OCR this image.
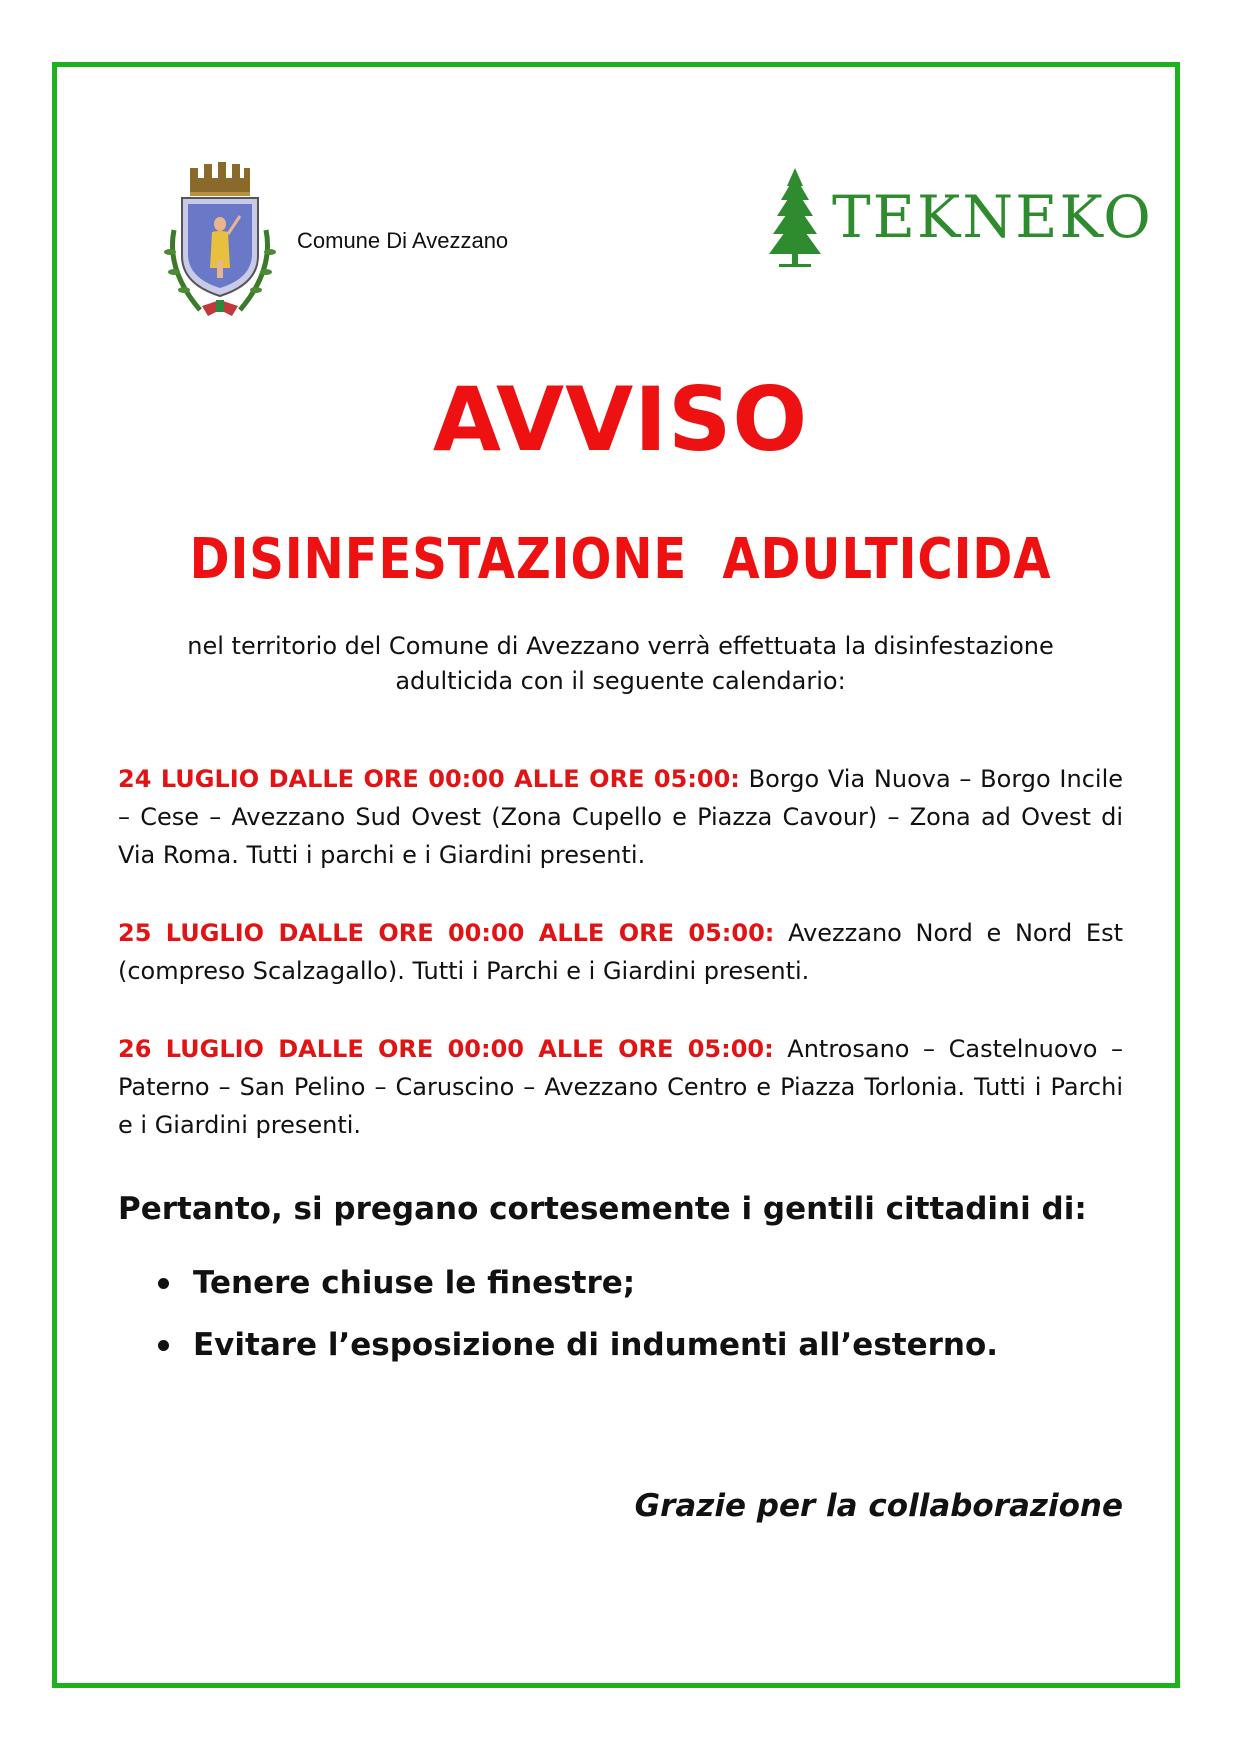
Comune Di Avezzano	TEKNEKO
AVVISO
DISINFESTAZIONE  ADULTICIDA
nel territorio del Comune di Avezzano verrà effettuata la disinfestazione
adulticida con il seguente calendario:
24 LUGLIO DALLE ORE 00:00 ALLE ORE 05:00: Borgo Via Nuova – Borgo Incile – Cese – Avezzano Sud Ovest (Zona Cupello e Piazza Cavour) – Zona ad Ovest di Via Roma. Tutti i parchi e i Giardini presenti.
25 LUGLIO DALLE ORE 00:00 ALLE ORE 05:00: Avezzano Nord e Nord Est (compreso Scalzagallo). Tutti i Parchi e i Giardini presenti.
26 LUGLIO DALLE ORE 00:00 ALLE ORE 05:00: Antrosano – Castelnuovo – Paterno – San Pelino – Caruscino – Avezzano Centro e Piazza Torlonia. Tutti i Parchi e i Giardini presenti.
Pertanto, si pregano cortesemente i gentili cittadini di:
Tenere chiuse le finestre;
Evitare l’esposizione di indumenti all’esterno.
Grazie per la collaborazione
